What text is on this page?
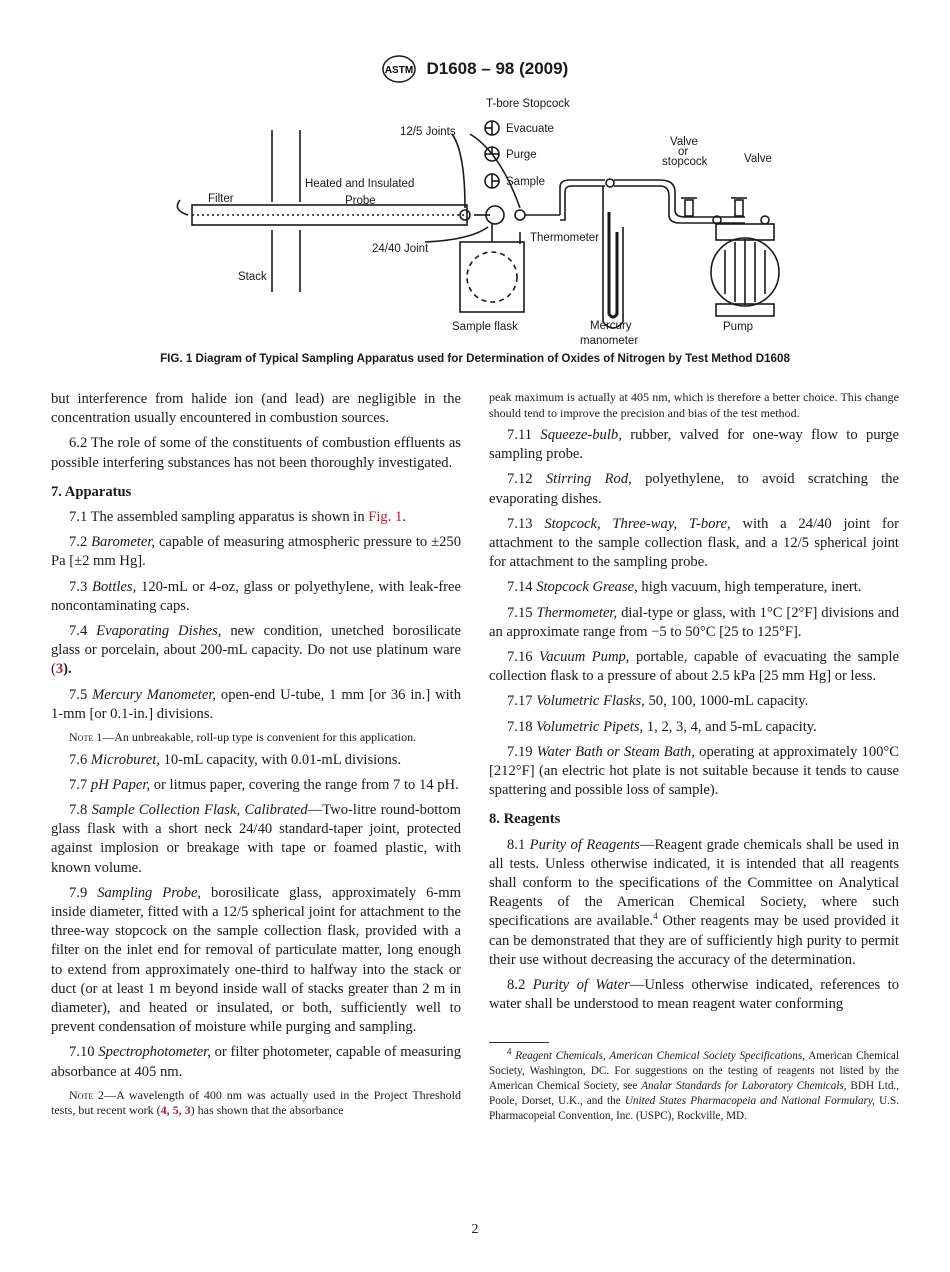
ASTM D1608 – 98 (2009)
12/5 Joints
T-bore Stopcock
Evacuate
Purge
Sample
Valve
or
stopcock	Valve
Filter
Heated and Insulated
Probe
24/40 Joint
Thermometer
Stack
Sample flask	Mercury
manometer
Pump
FIG. 1 Diagram of Typical Sampling Apparatus used for Determination of Oxides of Nitrogen by Test Method D1608

but interference from halide ion (and lead) are negligible in the concentration usually encountered in combustion sources.

6.2 The role of some of the constituents of combustion effluents as possible interfering substances has not been thoroughly investigated.

7. Apparatus

7.1 The assembled sampling apparatus is shown in Fig. 1.

7.2 Barometer, capable of measuring atmospheric pressure to ±250 Pa [±2 mm Hg].

7.3 Bottles, 120-mL or 4-oz, glass or polyethylene, with leak-free noncontaminating caps.

7.4 Evaporating Dishes, new condition, unetched borosilicate glass or porcelain, about 200-mL capacity. Do not use platinum ware (3).

7.5 Mercury Manometer, open-end U-tube, 1 mm [or 36 in.] with 1-mm [or 0.1-in.] divisions.

Note 1—An unbreakable, roll-up type is convenient for this application.

7.6 Microburet, 10-mL capacity, with 0.01-mL divisions.

7.7 pH Paper, or litmus paper, covering the range from 7 to 14 pH.

7.8 Sample Collection Flask, Calibrated—Two-litre round-bottom glass flask with a short neck 24/40 standard-taper joint, protected against implosion or breakage with tape or foamed plastic, with known volume.

7.9 Sampling Probe, borosilicate glass, approximately 6-mm inside diameter, fitted with a 12/5 spherical joint for attachment to the three-way stopcock on the sample collection flask, provided with a filter on the inlet end for removal of particulate matter, long enough to extend from approximately one-third to halfway into the stack or duct (or at least 1 m beyond inside wall of stacks greater than 2 m in diameter), and heated or insulated, or both, sufficiently well to prevent condensation of moisture while purging and sampling.

7.10 Spectrophotometer, or filter photometer, capable of measuring absorbance at 405 nm.

Note 2—A wavelength of 400 nm was actually used in the Project Threshold tests, but recent work (4, 5, 3) has shown that the absorbance

peak maximum is actually at 405 nm, which is therefore a better choice. This change should tend to improve the precision and bias of the test method.

7.11 Squeeze-bulb, rubber, valved for one-way flow to purge sampling probe.

7.12 Stirring Rod, polyethylene, to avoid scratching the evaporating dishes.

7.13 Stopcock, Three-way, T-bore, with a 24/40 joint for attachment to the sample collection flask, and a 12/5 spherical joint for attachment to the sampling probe.

7.14 Stopcock Grease, high vacuum, high temperature, inert.

7.15 Thermometer, dial-type or glass, with 1°C [2°F] divisions and an approximate range from −5 to 50°C [25 to 125°F].

7.16 Vacuum Pump, portable, capable of evacuating the sample collection flask to a pressure of about 2.5 kPa [25 mm Hg] or less.

7.17 Volumetric Flasks, 50, 100, 1000-mL capacity.

7.18 Volumetric Pipets, 1, 2, 3, 4, and 5-mL capacity.

7.19 Water Bath or Steam Bath, operating at approximately 100°C [212°F] (an electric hot plate is not suitable because it tends to cause spattering and possible loss of sample).

8. Reagents

8.1 Purity of Reagents—Reagent grade chemicals shall be used in all tests. Unless otherwise indicated, it is intended that all reagents shall conform to the specifications of the Committee on Analytical Reagents of the American Chemical Society, where such specifications are available.$^4$ Other reagents may be used provided it can be demonstrated that they are of sufficiently high purity to permit their use without decreasing the accuracy of the determination.

8.2 Purity of Water—Unless otherwise indicated, references to water shall be understood to mean reagent water conforming

$^4$ Reagent Chemicals, American Chemical Society Specifications, American Chemical Society, Washington, DC. For suggestions on the testing of reagents not listed by the American Chemical Society, see Analar Standards for Laboratory Chemicals, BDH Ltd., Poole, Dorset, U.K., and the United States Pharmacopeia and National Formulary, U.S. Pharmacopeial Convention, Inc. (USPC), Rockville, MD.

2
